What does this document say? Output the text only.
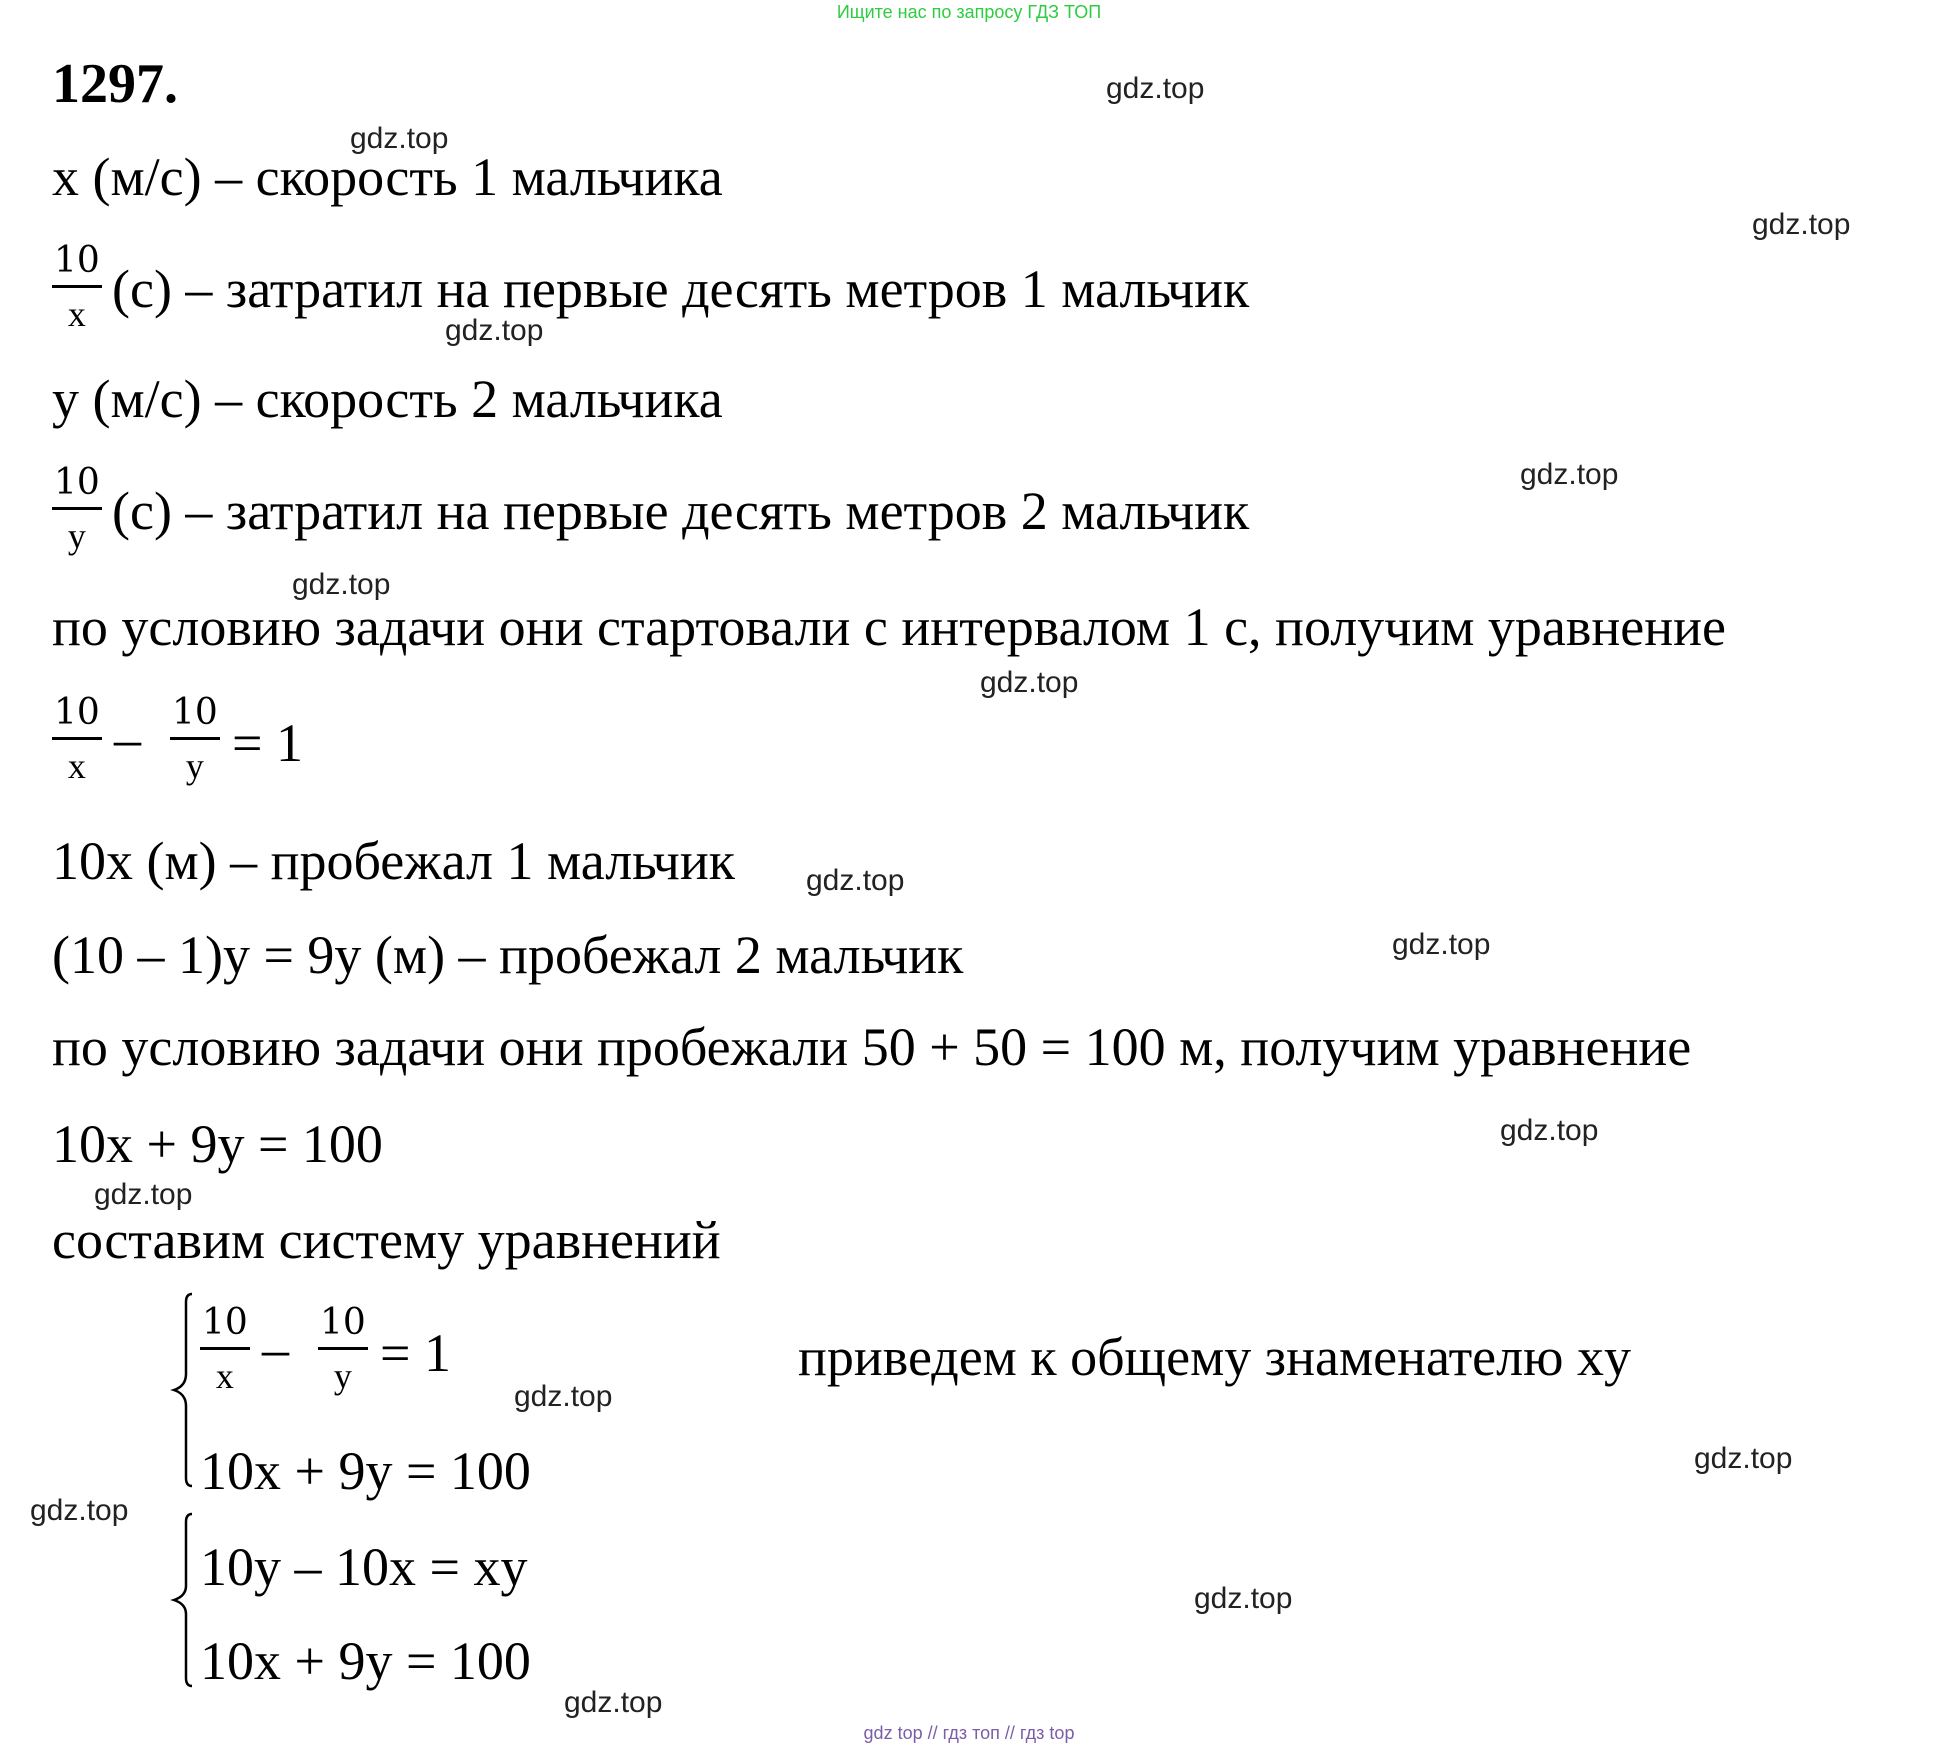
Ищите нас по запросу ГДЗ ТОП
1297.
x (м/с) – скорость 1 мальчика
10
x (с) – затратил на первые десять метров 1 мальчик
y (м/с) – скорость 2 мальчика
10
y (с) – затратил на первые десять метров 2 мальчик
по условию задачи они стартовали с интервалом 1 с, получим уравнение
10
x – 10
y = 1
10x (м) – пробежал 1 мальчик
(10 – 1)y = 9y (м) – пробежал 2 мальчик
по условию задачи они пробежали 50 + 50 = 100 м, получим уравнение
10x + 9y = 100
составим систему уравнений
10
x – 10
y = 1
10x + 9y = 100
приведем к общему знаменателю xy
10y – 10x = xy
10x + 9y = 100
gdz.top
gdz.top
gdz.top
gdz.top
gdz.top
gdz.top
gdz.top
gdz.top
gdz.top
gdz.top
gdz.top
gdz.top
gdz.top
gdz.top
gdz.top
gdz.top
gdz top // гдз топ // гдз top
